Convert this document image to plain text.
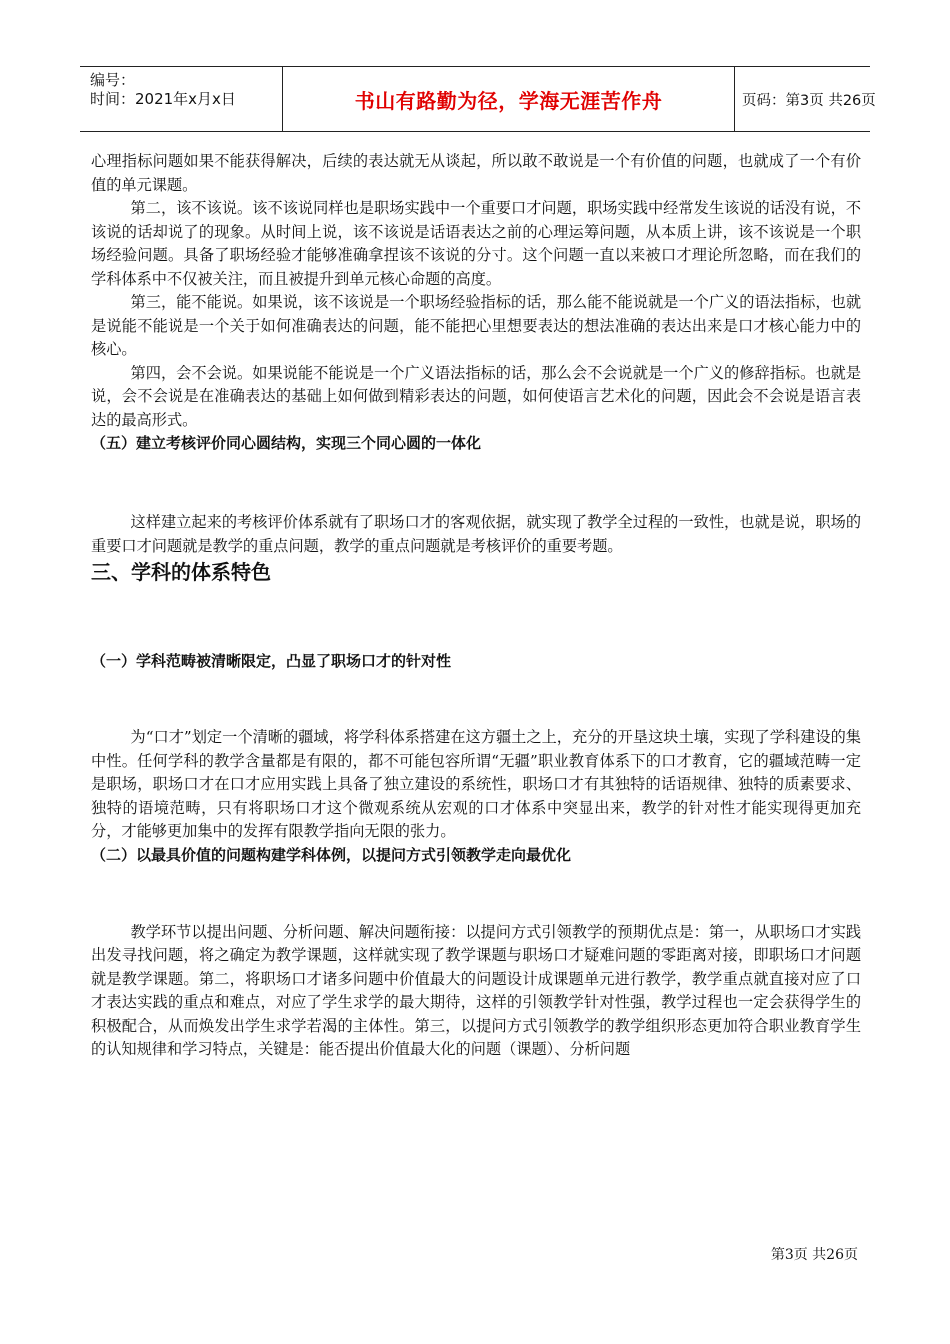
编号：
时间：2021年x月x日	书山有路勤为径，学海无涯苦作舟	页码：第3页 共26页

心理指标问题如果不能获得解决，后续的表达就无从谈起，所以敢不敢说是一个有价值的问题，也就成了一个有价值的单元课题。

第二，该不该说。该不该说同样也是职场实践中一个重要口才问题，职场实践中经常发生该说的话没有说，不该说的话却说了的现象。从时间上说，该不该说是话语表达之前的心理运筹问题，从本质上讲，该不该说是一个职场经验问题。具备了职场经验才能够准确拿捏该不该说的分寸。这个问题一直以来被口才理论所忽略，而在我们的学科体系中不仅被关注，而且被提升到单元核心命题的高度。

第三，能不能说。如果说，该不该说是一个职场经验指标的话，那么能不能说就是一个广义的语法指标，也就是说能不能说是一个关于如何准确表达的问题，能不能把心里想要表达的想法准确的表达出来是口才核心能力中的核心。

第四，会不会说。如果说能不能说是一个广义语法指标的话，那么会不会说就是一个广义的修辞指标。也就是说，会不会说是在准确表达的基础上如何做到精彩表达的问题，如何使语言艺术化的问题，因此会不会说是语言表达的最高形式。

（五）建立考核评价同心圆结构，实现三个同心圆的一体化

这样建立起来的考核评价体系就有了职场口才的客观依据，就实现了教学全过程的一致性，也就是说，职场的重要口才问题就是教学的重点问题，教学的重点问题就是考核评价的重要考题。

三、学科的体系特色

（一）学科范畴被清晰限定，凸显了职场口才的针对性

为“口才”划定一个清晰的疆域，将学科体系搭建在这方疆土之上，充分的开垦这块土壤，实现了学科建设的集中性。任何学科的教学含量都是有限的，都不可能包容所谓“无疆”职业教育体系下的口才教育，它的疆域范畴一定是职场，职场口才在口才应用实践上具备了独立建设的系统性，职场口才有其独特的话语规律、独特的质素要求、独特的语境范畴，只有将职场口才这个微观系统从宏观的口才体系中突显出来，教学的针对性才能实现得更加充分，才能够更加集中的发挥有限教学指向无限的张力。

（二）以最具价值的问题构建学科体例，以提问方式引领教学走向最优化

教学环节以提出问题、分析问题、解决问题衔接：以提问方式引领教学的预期优点是：第一，从职场口才实践出发寻找问题，将之确定为教学课题，这样就实现了教学课题与职场口才疑难问题的零距离对接，即职场口才问题就是教学课题。第二，将职场口才诸多问题中价值最大的问题设计成课题单元进行教学，教学重点就直接对应了口才表达实践的重点和难点，对应了学生求学的最大期待，这样的引领教学针对性强，教学过程也一定会获得学生的积极配合，从而焕发出学生求学若渴的主体性。第三，以提问方式引领教学的教学组织形态更加符合职业教育学生的认知规律和学习特点，关键是：能否提出价值最大化的问题（课题）、分析问题

第3页 共26页
